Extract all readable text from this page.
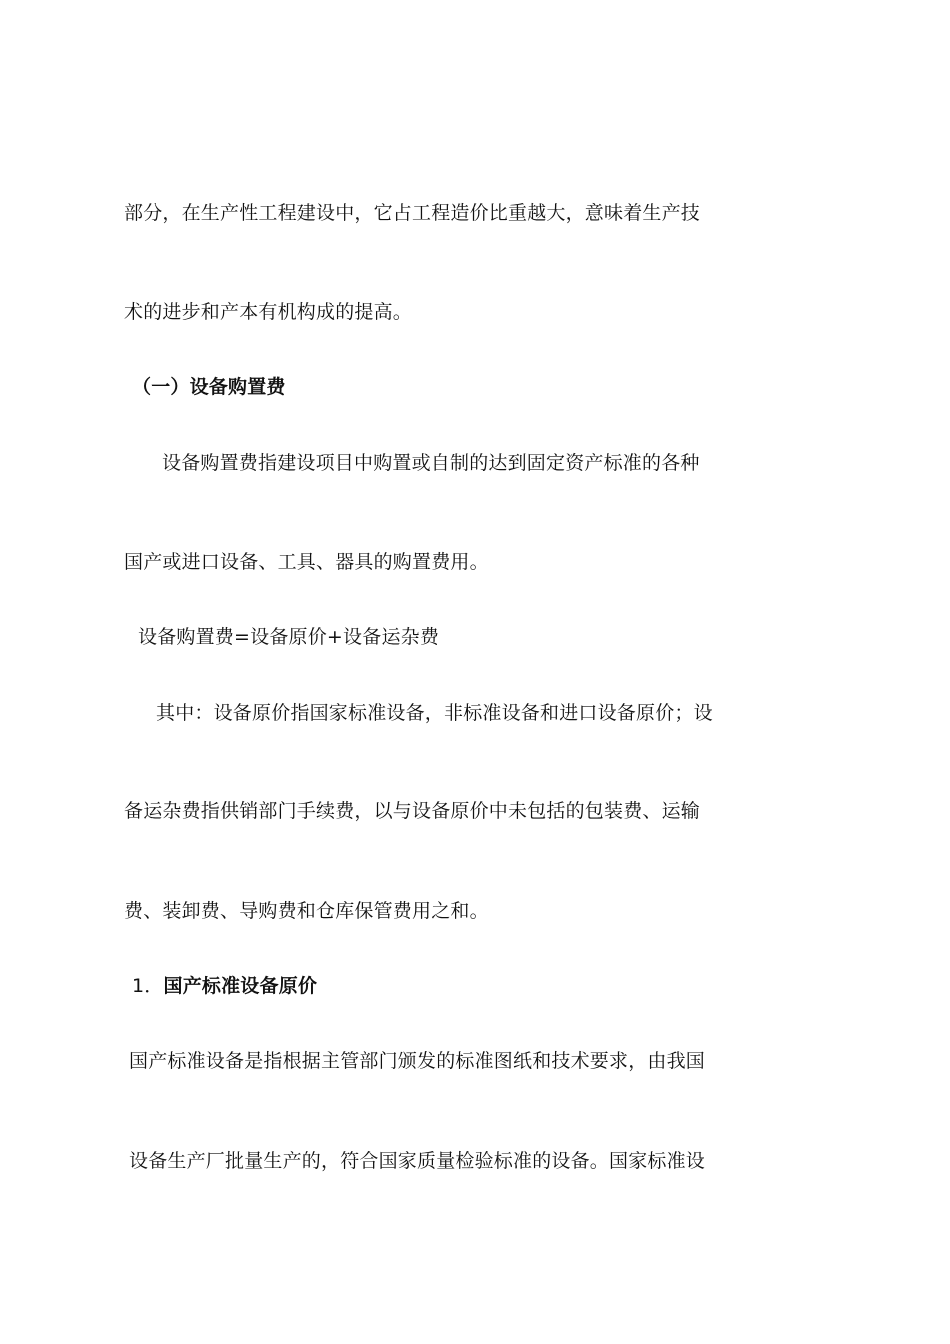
部分，在生产性工程建设中，它占工程造价比重越大，意味着生产技
术的进步和产本有机构成的提高。
（一）设备购置费
设备购置费指建设项目中购置或自制的达到固定资产标准的各种
国产或进口设备、工具、器具的购置费用。
设备购置费=设备原价+设备运杂费
其中：设备原价指国家标准设备，非标准设备和进口设备原价；设
备运杂费指供销部门手续费，以与设备原价中未包括的包装费、运输
费、装卸费、导购费和仓库保管费用之和。
1．国产标准设备原价
国产标准设备是指根据主管部门颁发的标准图纸和技术要求，由我国
设备生产厂批量生产的，符合国家质量检验标准的设备。国家标准设
